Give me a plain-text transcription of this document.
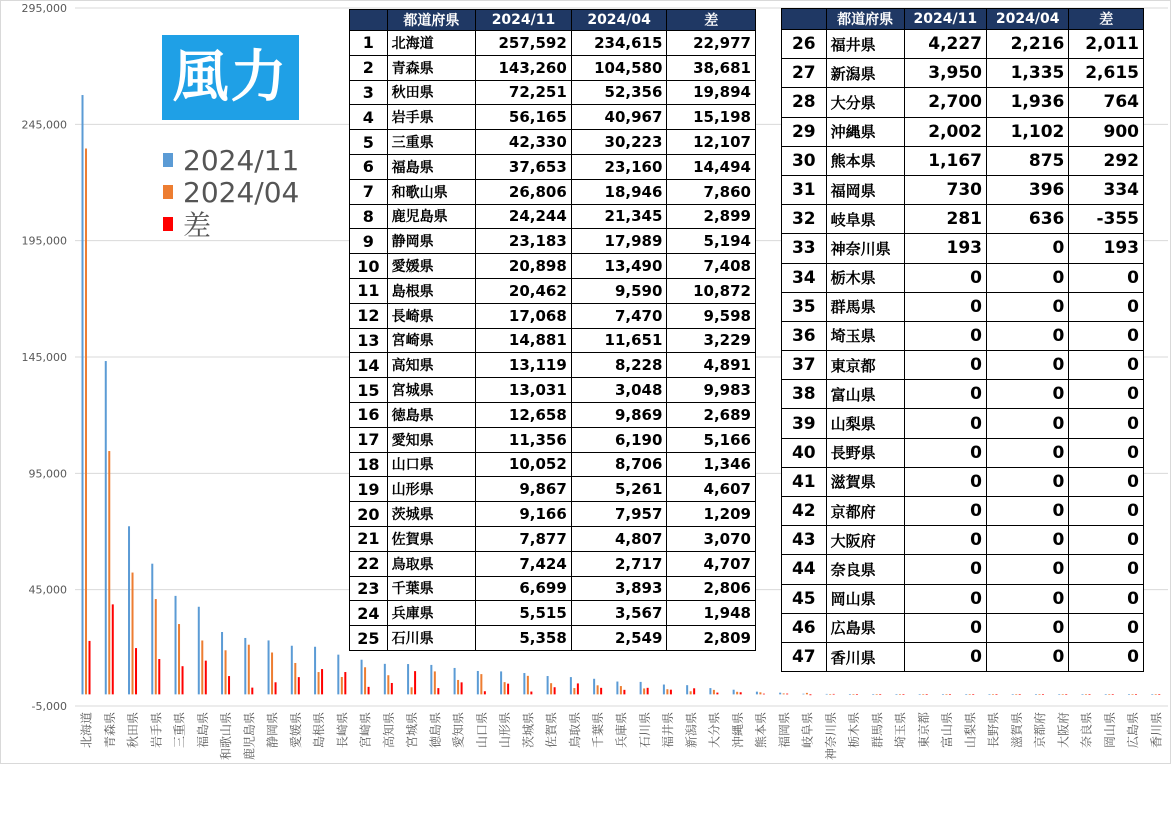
-5,000
45,000
95,000
145,000
195,000
245,000
295,000
北海道 青森県 秋田県 岩手県 三重県 福島県 和歌山県 鹿児島県 静岡県 愛媛県 島根県 長崎県 宮崎県 高知県 宮城県 徳島県 愛知県 山口県 山形県 茨城県 佐賀県 鳥取県 千葉県 兵庫県 石川県 福井県 新潟県 大分県 沖縄県 熊本県 福岡県 岐阜県 神奈川県 栃木県 群馬県 埼玉県 東京都 富山県 山梨県 長野県 滋賀県 京都府 大阪府 奈良県 岡山県 広島県 香川県
風力
2024/11
2024/04
差
	都道府県	2024/11	2024/04	差
1	北海道	257,592	234,615	22,977
2	青森県	143,260	104,580	38,681
3	秋田県	72,251	52,356	19,894
4	岩手県	56,165	40,967	15,198
5	三重県	42,330	30,223	12,107
6	福島県	37,653	23,160	14,494
7	和歌山県	26,806	18,946	7,860
8	鹿児島県	24,244	21,345	2,899
9	静岡県	23,183	17,989	5,194
10	愛媛県	20,898	13,490	7,408
11	島根県	20,462	9,590	10,872
12	長崎県	17,068	7,470	9,598
13	宮崎県	14,881	11,651	3,229
14	高知県	13,119	8,228	4,891
15	宮城県	13,031	3,048	9,983
16	徳島県	12,658	9,869	2,689
17	愛知県	11,356	6,190	5,166
18	山口県	10,052	8,706	1,346
19	山形県	9,867	5,261	4,607
20	茨城県	9,166	7,957	1,209
21	佐賀県	7,877	4,807	3,070
22	鳥取県	7,424	2,717	4,707
23	千葉県	6,699	3,893	2,806
24	兵庫県	5,515	3,567	1,948
25	石川県	5,358	2,549	2,809
	都道府県	2024/11	2024/04	差
26	福井県	4,227	2,216	2,011
27	新潟県	3,950	1,335	2,615
28	大分県	2,700	1,936	764
29	沖縄県	2,002	1,102	900
30	熊本県	1,167	875	292
31	福岡県	730	396	334
32	岐阜県	281	636	-355
33	神奈川県	193	0	193
34	栃木県	0	0	0
35	群馬県	0	0	0
36	埼玉県	0	0	0
37	東京都	0	0	0
38	富山県	0	0	0
39	山梨県	0	0	0
40	長野県	0	0	0
41	滋賀県	0	0	0
42	京都府	0	0	0
43	大阪府	0	0	0
44	奈良県	0	0	0
45	岡山県	0	0	0
46	広島県	0	0	0
47	香川県	0	0	0
